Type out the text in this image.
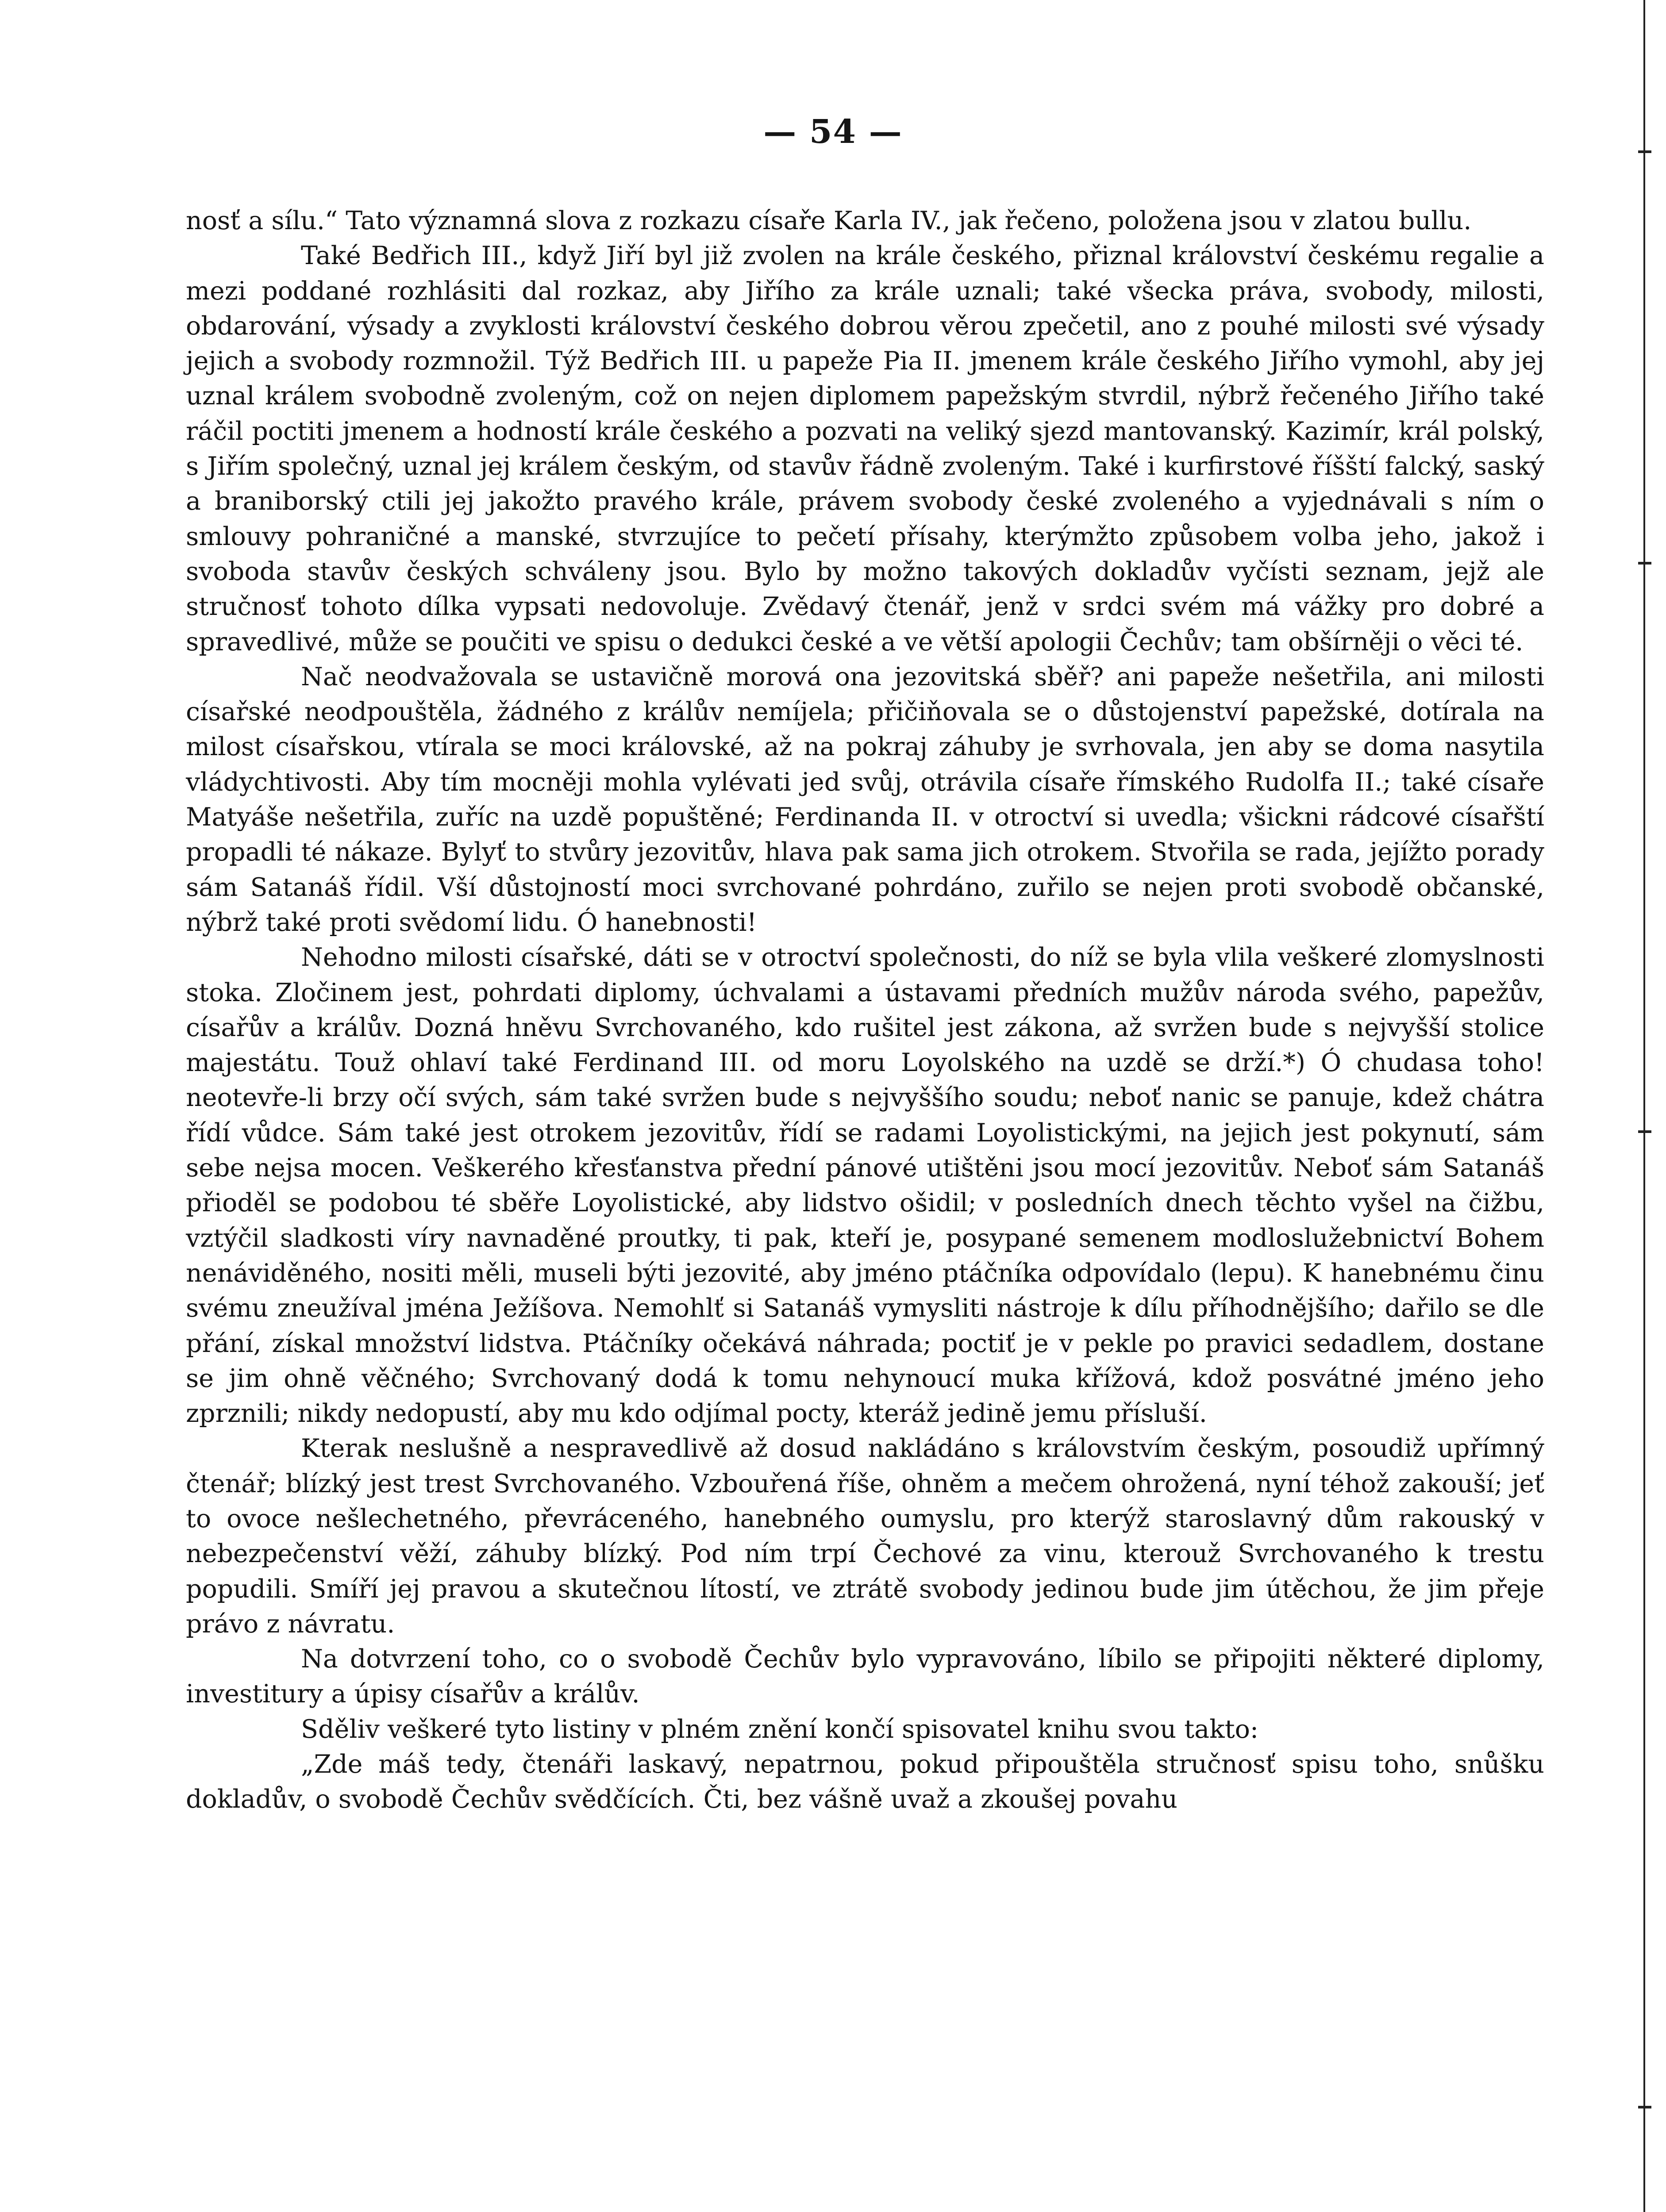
— 54 —

nosť a sílu.“ Tato významná slova z rozkazu císaře Karla IV., jak řečeno, položena jsou v zlatou bullu.

Také Bedřich III., když Jiří byl již zvolen na krále českého, přiznal království českému regalie a mezi poddané rozhlásiti dal rozkaz, aby Jiřího za krále uznali; také všecka práva, svobody, milosti, obdarování, výsady a zvyklosti království českého dobrou věrou zpečetil, ano z pouhé milosti své výsady jejich a svobody rozmnožil. Týž Bedřich III. u papeže Pia II. jmenem krále českého Jiřího vymohl, aby jej uznal králem svobodně zvoleným, což on nejen diplomem papežským stvrdil, nýbrž řečeného Jiřího také ráčil poctiti jmenem a hodností krále českého a pozvati na veliký sjezd mantovanský. Kazimír, král polský, s Jiřím společný, uznal jej králem českým, od stavův řádně zvoleným. Také i kurfirstové říšští falcký, saský a braniborský ctili jej jakožto pravého krále, právem svobody české zvoleného a vyjednávali s ním o smlouvy pohraničné a manské, stvrzujíce to pečetí přísahy, kterýmžto způsobem volba jeho, jakož i svoboda stavův českých schváleny jsou. Bylo by možno takových dokladův vyčísti seznam, jejž ale stručnosť tohoto dílka vypsati nedovoluje. Zvědavý čtenář, jenž v srdci svém má vážky pro dobré a spravedlivé, může se poučiti ve spisu o dedukci české a ve větší apologii Čechův; tam obšírněji o věci té.

Nač neodvažovala se ustavičně morová ona jezovitská sběř? ani papeže nešetřila, ani milosti císařské neodpouštěla, žádného z králův nemíjela; přičiňovala se o důstojenství papežské, dotírala na milost císařskou, vtírala se moci královské, až na pokraj záhuby je svrhovala, jen aby se doma nasytila vládychtivosti. Aby tím mocněji mohla vylévati jed svůj, otrávila císaře římského Rudolfa II.; také císaře Matyáše nešetřila, zuříc na uzdě popuštěné; Ferdinanda II. v otroctví si uvedla; všickni rádcové císařští propadli té nákaze. Bylyť to stvůry jezovitův, hlava pak sama jich otrokem. Stvořila se rada, jejížto porady sám Satanáš řídil. Vší důstojností moci svrchované pohrdáno, zuřilo se nejen proti svobodě občanské, nýbrž také proti svědomí lidu. Ó hanebnosti!

Nehodno milosti císařské, dáti se v otroctví společnosti, do níž se byla vlila veškeré zlomyslnosti stoka. Zločinem jest, pohrdati diplomy, úchvalami a ústavami předních mužův národa svého, papežův, císařův a králův. Dozná hněvu Svrchovaného, kdo rušitel jest zákona, až svržen bude s nejvyšší stolice majestátu. Touž ohlaví také Ferdinand III. od moru Loyolského na uzdě se drží.*) Ó chudasa toho! neotevře-li brzy očí svých, sám také svržen bude s nejvyššího soudu; neboť nanic se panuje, kdež chátra řídí vůdce. Sám také jest otrokem jezovitův, řídí se radami Loyolistickými, na jejich jest pokynutí, sám sebe nejsa mocen. Veškerého křesťanstva přední pánové utištěni jsou mocí jezovitův. Neboť sám Satanáš přioděl se podobou té sběře Loyolistické, aby lidstvo ošidil; v posledních dnech těchto vyšel na čižbu, vztýčil sladkosti víry navnaděné proutky, ti pak, kteří je, posypané semenem modloslužebnictví Bohem nenáviděného, nositi měli, museli býti jezovité, aby jméno ptáčníka odpovídalo (lepu). K hanebnému činu svému zneužíval jména Ježíšova. Nemohlť si Satanáš vymysliti nástroje k dílu příhodnějšího; dařilo se dle přání, získal množství lidstva. Ptáčníky očekává náhrada; poctiť je v pekle po pravici sedadlem, dostane se jim ohně věčného; Svrchovaný dodá k tomu nehynoucí muka křížová, kdož posvátné jméno jeho zprznili; nikdy nedopustí, aby mu kdo odjímal pocty, kteráž jedině jemu přísluší.

Kterak neslušně a nespravedlivě až dosud nakládáno s královstvím českým, posoudiž upřímný čtenář; blízký jest trest Svrchovaného. Vzbouřená říše, ohněm a mečem ohrožená, nyní téhož zakouší; jeť to ovoce nešlechetného, převráceného, hanebného oumyslu, pro kterýž staroslavný dům rakouský v nebezpečenství věží, záhuby blízký. Pod ním trpí Čechové za vinu, kterouž Svrchovaného k trestu popudili. Smíří jej pravou a skutečnou lítostí, ve ztrátě svobody jedinou bude jim útěchou, že jim přeje právo z návratu.

Na dotvrzení toho, co o svobodě Čechův bylo vypravováno, líbilo se připojiti některé diplomy, investitury a úpisy císařův a králův.

Sděliv veškeré tyto listiny v plném znění končí spisovatel knihu svou takto:

„Zde máš tedy, čtenáři laskavý, nepatrnou, pokud připouštěla stručnosť spisu toho, snůšku dokladův, o svobodě Čechův svědčících. Čti, bez vášně uvaž a zkoušej povahu
